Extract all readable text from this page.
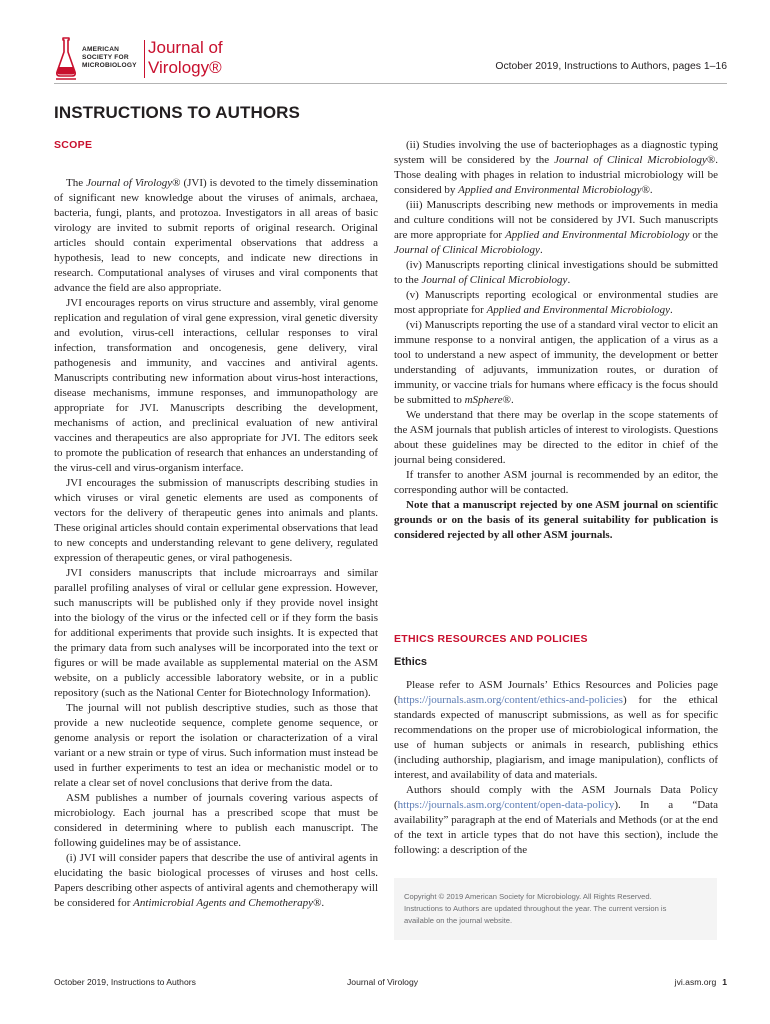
AMERICAN
SOCIETY FOR
MICROBIOLOGY
Journal of
Virology®	October 2019, Instructions to Authors, pages 1–16
INSTRUCTIONS TO AUTHORS
SCOPE

The Journal of Virology® (JVI) is devoted to the timely dissemination of significant new knowledge about the viruses of animals, archaea, bacteria, fungi, plants, and protozoa. Investigators in all areas of basic virology are invited to submit reports of original research. Original articles should contain experimental observations that address a hypothesis, lead to new concepts, and indicate new directions in research. Computational analyses of viruses and viral components that advance the field are also appropriate.

JVI encourages reports on virus structure and assembly, viral genome replication and regulation of viral gene expression, viral genetic diversity and evolution, virus-cell interactions, cellular responses to viral infection, transformation and oncogenesis, gene delivery, viral pathogenesis and immunity, and vaccines and antiviral agents. Manuscripts contributing new information about virus-host interactions, disease mechanisms, immune responses, and immunopathology are appropriate for JVI. Manuscripts describing the development, mechanisms of action, and preclinical evaluation of new antiviral vaccines and therapeutics are also appropriate for JVI. The editors seek to promote the publication of research that enhances an understanding of the virus-cell and virus-organism interface.

JVI encourages the submission of manuscripts describing studies in which viruses or viral genetic elements are used as components of vectors for the delivery of therapeutic genes into animals and plants. These original articles should contain experimental observations that lead to new concepts and understanding relevant to gene delivery, regulated expression of therapeutic genes, or viral pathogenesis.

JVI considers manuscripts that include microarrays and similar parallel profiling analyses of viral or cellular gene expression. However, such manuscripts will be published only if they provide novel insight into the biology of the virus or the infected cell or if they form the basis for additional experiments that provide such insights. It is expected that the primary data from such analyses will be incorporated into the text or figures or will be made available as supplemental material on the ASM website, on a publicly accessible laboratory website, or in a public repository (such as the National Center for Biotechnology Information).

The journal will not publish descriptive studies, such as those that provide a new nucleotide sequence, complete genome sequence, or genome analysis or report the isolation or characterization of a viral variant or a new strain or type of virus. Such information must instead be used in further experiments to test an idea or mechanistic model or to relate a clear set of novel conclusions that derive from the data.

ASM publishes a number of journals covering various aspects of microbiology. Each journal has a prescribed scope that must be considered in determining where to publish each manuscript. The following guidelines may be of assistance.

(i) JVI will consider papers that describe the use of antiviral agents in elucidating the basic biological processes of viruses and host cells. Papers describing other aspects of antiviral agents and chemotherapy will be considered for Antimicrobial Agents and Chemotherapy®.

(ii) Studies involving the use of bacteriophages as a diagnostic typing system will be considered by the Journal of Clinical Microbiology®. Those dealing with phages in relation to industrial microbiology will be considered by Applied and Environmental Microbiology®.

(iii) Manuscripts describing new methods or improvements in media and culture conditions will not be considered by JVI. Such manuscripts are more appropriate for Applied and Environmental Microbiology or the Journal of Clinical Microbiology.

(iv) Manuscripts reporting clinical investigations should be submitted to the Journal of Clinical Microbiology.

(v) Manuscripts reporting ecological or environmental studies are most appropriate for Applied and Environmental Microbiology.

(vi) Manuscripts reporting the use of a standard viral vector to elicit an immune response to a nonviral antigen, the application of a virus as a tool to understand a new aspect of immunity, the development or better understanding of adjuvants, immunization routes, or duration of immunity, or vaccine trials for humans where efficacy is the focus should be submitted to mSphere®.

We understand that there may be overlap in the scope statements of the ASM journals that publish articles of interest to virologists. Questions about these guidelines may be directed to the editor in chief of the journal being considered.

If transfer to another ASM journal is recommended by an editor, the corresponding author will be contacted.

Note that a manuscript rejected by one ASM journal on scientific grounds or on the basis of its general suitability for publication is considered rejected by all other ASM journals.

ETHICS RESOURCES AND POLICIES
Ethics

Please refer to ASM Journals’ Ethics Resources and Policies page (https://journals.asm.org/content/ethics-and-policies) for the ethical standards expected of manuscript submissions, as well as for specific recommendations on the proper use of microbiological information, the use of human subjects or animals in research, publishing ethics (including authorship, plagiarism, and image manipulation), conflicts of interest, and availability of data and materials.

Authors should comply with the ASM Journals Data Policy (https://journals.asm.org/content/open-data-policy). In a “Data availability” paragraph at the end of Materials and Methods (or at the end of the text in article types that do not have this section), include the following: a description of the

Copyright © 2019 American Society for Microbiology. All Rights Reserved.
Instructions to Authors are updated throughout the year. The current version is
available on the journal website.
October 2019, Instructions to Authors	Journal of Virology	jvi.asm.org 1
